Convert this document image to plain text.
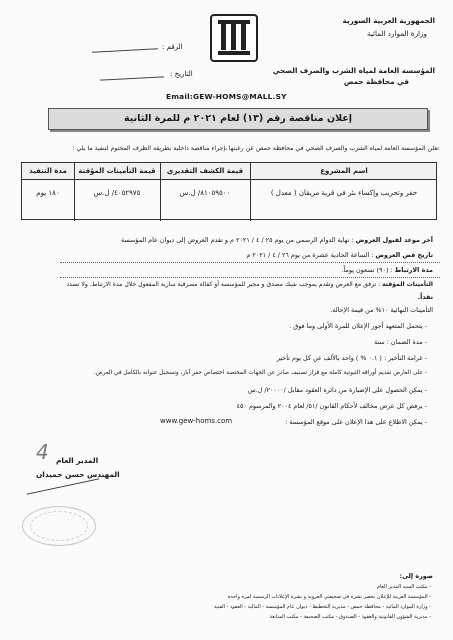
الجمهورية العربية السورية
وزارة الموارد المائية
المؤسسة العامة لمياه الشرب والصرف الصحي
في محافظة حمص
الرقم :
التاريخ :
Email:GEW-HOMS@MALL.SY
إعلان مناقصة رقم (١٣) لعام ٢٠٢١ م للمرة الثانية
تعلن المؤسسة العامة لمياه الشرب والصرف الصحي في محافظة حمص عن رغبتها بإجراء مناقصة داخلية بطريقة الظرف المختوم لتنفيذ ما يلي :
مدة التنفيذ	قيمة التأمينات المؤقتة	قيمة الكشف التقديري	اسم المشروع
١٨٠ يوم	٤٠٥٢٩٧٥/ ل.س	٨١٠٥٩٥٠٠/ ل.س	حفر وتجريب وإكساء بئر في قرية مريقان ( معدل )
آخر موعد لقبول العروض : نهاية الدوام الرسمي من يوم ٢٥ / ٤ / ٢٠٢١ م و تقدم العروض إلى ديوان عام المؤسسة
تاريخ فض العروض : الساعة الحادية عشرة من يوم ٢٦ / ٤ / ٢٠٢١ م
مدة الارتباط : (٩٠) تسعون يوماً.
التأمينات المؤقتة : ترفق مع العرض وتقدم بموجب شيك مصدق و مجير للمؤسسة أو كفالة مصرفية سارية المفعول خلال مدة الارتباط. ولا تسدد
نقداً.
التأمينات النهائية ١٠% من قيمة الإحالة.
- يتحمل المتعهد أجور الإعلان للمرة الأولى وما فوق .
- مدة الضمان : سنة
- غرامة التأخير : ( ٠.١ % ) واحد بالألف عن كل يوم تأخير
- على العارض تقديم أوراقه الثبوتية كاملة مع قرار تصنيف صادر عن الجهات المختصة اختصاص حفر آبار، وتسجيل عنوانه بالكامل في العرض.
- يمكن الحصول على الإضبارة من دائرة العقود مقابل /٢٠٠٠٠/ ل.س
- يرفض كل عرض مخالف لأحكام القانون /٥١/ لعام ٢٠٠٤ والمرسوم ٤٥٠
- يمكن الاطلاع على هذا الإعلان على موقع المؤسسة :
www.gew-homs.com
4 المدير العام
المهندس حسن حميدان
صورة إلى:
- مكتب السيد المدير العام
- المؤسسة العربية للإعلان بحصر نشرة في صحيفتي العروبة و نشرة الإعلانات الرسمية لمرة واحدة
- وزارة الموارد المائية - محافظة حمص - مديرية التخطيط - ديوان عام المؤسسة - المالية - العقود - الفنية
- مديرية الشؤون القانونية والعقود - الصندوق - مكتب الصحيفة - مكتب المتابعة
